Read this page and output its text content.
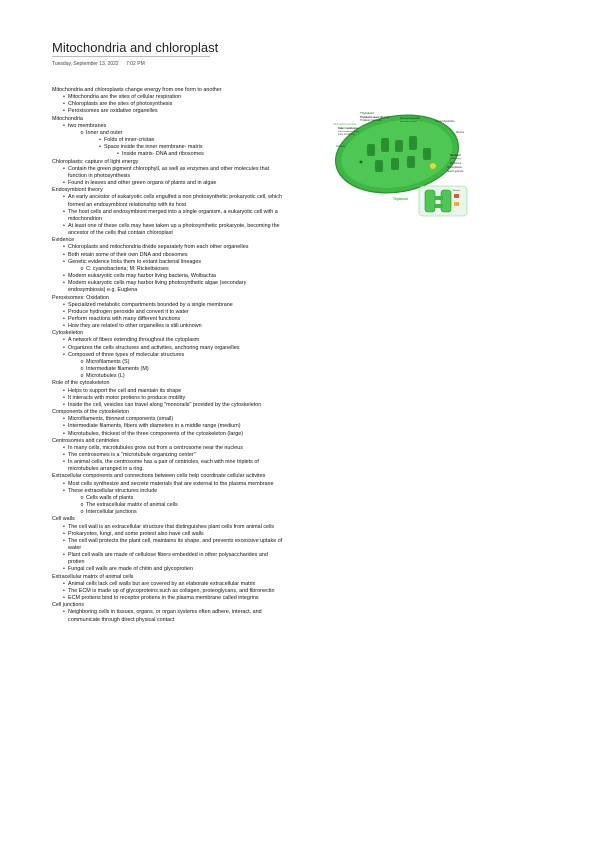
Mitochondria and chloroplast
Tuesday, September 13, 2022 7:02 PM
Mitochondria and chloroplasts change energy from one form to another
• Mitochondria are the sites of cellular respiration
• Chloroplasts are the sites of photosynthesis
• Peroxisomes are oxidative organelles
Mitochondria
• two membranes
o Inner and outer
• Folds of inner-cristae
• Space inside the inner membrane- matrix
• Inside matrix- DNA and ribosomes
Chloroplasts: capture of light energy
• Contain the green pigment chlorophyll, as well as enzymes and other molecules that
function in photosynthesis
• Found in leaves and other green organs of plants and in algae
Endosymbiont theory
• An early ancestor of eukaryotic cells engulfed a non photosynthetic prokaryotic cell, which
formed an endosymbiont relationship with its host
• The host cells and endosymbiont merged into a single organism, a eukaryotic cell with a
mitochondrion
• At least one of these cells may have taken up a photosynthetic prokaryote, becoming the
ancestor of the cells that contain chloroplast
Evidence
• Chloroplasts and mitochondria divide separately from each other organelles
• Both retain some of their own DNA and ribosomes
• Genetic evidence links them to extant bacterial lineages
o C: cyanobacteria; M: Rickettsioses
• Modern eukaryotic cells may harbor living bacteria, Wolbachia
• Modern eukaryotic cells may harbor living photosynthetic algae (secondary
endosymbiosis) e.g. Euglena
Peroxisomes: Oxidation
• Specialized metabolic compartments bounded by a single membrane
• Produce hydrogen peroxide and convert it to water
• Perform reactions with many different functions
• How they are related to other organelles is still unknown
Cytoskeleton
• A network of fibers extending throughout the cytoplasm
• Organizes the cells structures and activities, anchoring many organelles
• Composed of three types of molecular structures
o Microfilaments (S)
o Intermediate filaments (M)
o Microtubules (L)
Role of the cytoskeleton
• Helps to support the cell and maintain its shape
• It interacts with motor protiens to produce motility
• Inside the cell, vesicles can travel along "monorails" provided by the cytoskeleton
Components of the cytoskeleton
• Microfilaments, thinnest components (small)
• Intermediate filaments, fibers with diameters in a middle range (medium)
• Microtubules, thickest of the three components of the cytoskeleton (large)
Centrosomes and centrioles
• In many cells, microtubules grow out from a centrosome near the nucleus
• The centrosomes is a "microtubule organizing center"
• In animal cells, the centrosome has a pair of centrioles, each with nine triplets of
microtubules arranged in a ring.
Extracellular components and connections between cells help coordinate cellular activites
• Most cells synthesize and secrete materials that are external to the plasma membrane
• These extracellular structures include
o Cells walls of plants
o The extracellular matrix of animal cells
o Intercellular junctions
Cell walls
• The cell wall is an extracellular structure that distinguishes plant cells from animal cells
• Prokaryotes, fungi, and some protest also have cell walls
• The cell wall protects the plant cell, maintains its shape, and prevents excessive uptake of
water
• Plant cell walls are made of cellulose fibers embedded in other polysaccharides and
protien
• Fungal cell walls are made of chitin and glycoprotien
Extracellular matrix of animal cells
• Animal cells lack cell walls but are covered by an elaborate extracellular matrix
• The ECM is made up of glycoproteins such as collagen, proteoglycans, and fibronectin
• ECM protiens bind to receptor protiens in the plasma membrane called integrins
Cell junctions
• Neighboring cells in tissues, organs, or organ systems often adhere, interact, and
communicate through direct physical contact
Thylakoid
Thylakoid space (lumen)
Thylakoid membrane
Stromal thylakoids
(lamellae or frets)	Granal thylakoids
Chloroplast envelope
Outer membrane
Intermembrane space
Inner membrane
Stroma
Granum
Nucleoid
(DNA rings)
Ribosome
Plastoglobule
Starch granule
Thylakoid
Stroma
